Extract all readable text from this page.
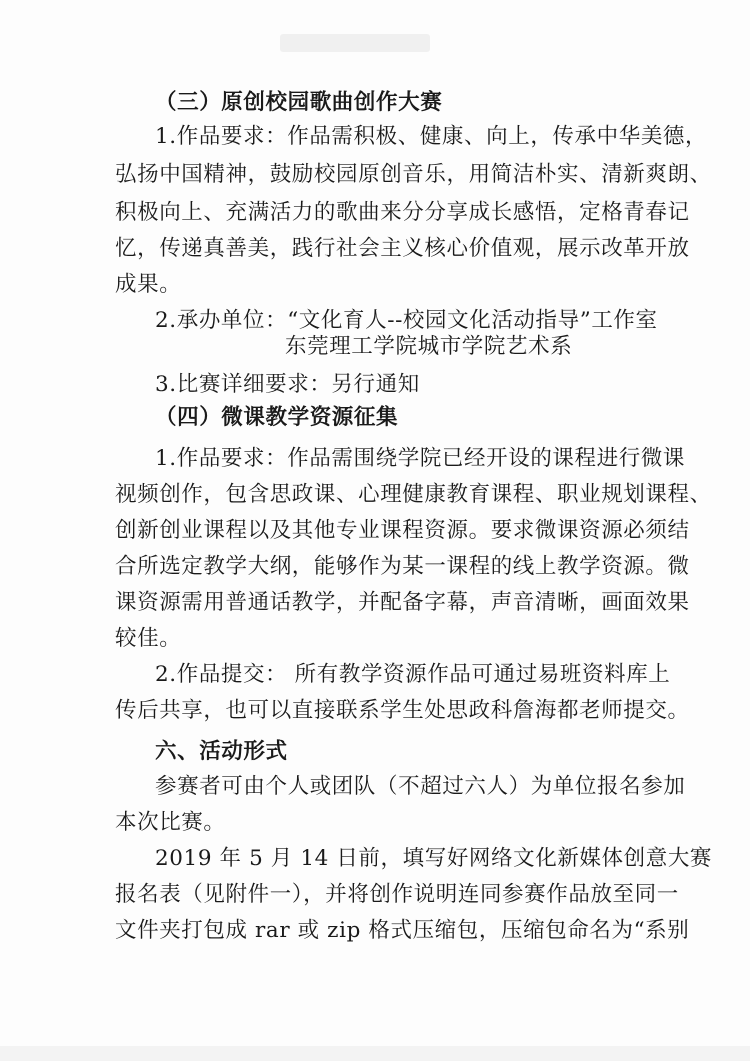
（三）原创校园歌曲创作大赛
1.作品要求：作品需积极、健康、向上，传承中华美德，
弘扬中国精神，鼓励校园原创音乐，用简洁朴实、清新爽朗、
积极向上、充满活力的歌曲来分分享成长感悟，定格青春记
忆，传递真善美，践行社会主义核心价值观，展示改革开放
成果。
2.承办单位：“文化育人--校园文化活动指导”工作室
东莞理工学院城市学院艺术系
3.比赛详细要求：另行通知
（四）微课教学资源征集
1.作品要求：作品需围绕学院已经开设的课程进行微课
视频创作，包含思政课、心理健康教育课程、职业规划课程、
创新创业课程以及其他专业课程资源。要求微课资源必须结
合所选定教学大纲，能够作为某一课程的线上教学资源。微
课资源需用普通话教学，并配备字幕，声音清晰，画面效果
较佳。
2.作品提交： 所有教学资源作品可通过易班资料库上
传后共享，也可以直接联系学生处思政科詹海都老师提交。
六、活动形式
参赛者可由个人或团队（不超过六人）为单位报名参加
本次比赛。
2019 年 5 月 14 日前，填写好网络文化新媒体创意大赛
报名表（见附件一），并将创作说明连同参赛作品放至同一
文件夹打包成 rar 或 zip 格式压缩包，压缩包命名为“系别
